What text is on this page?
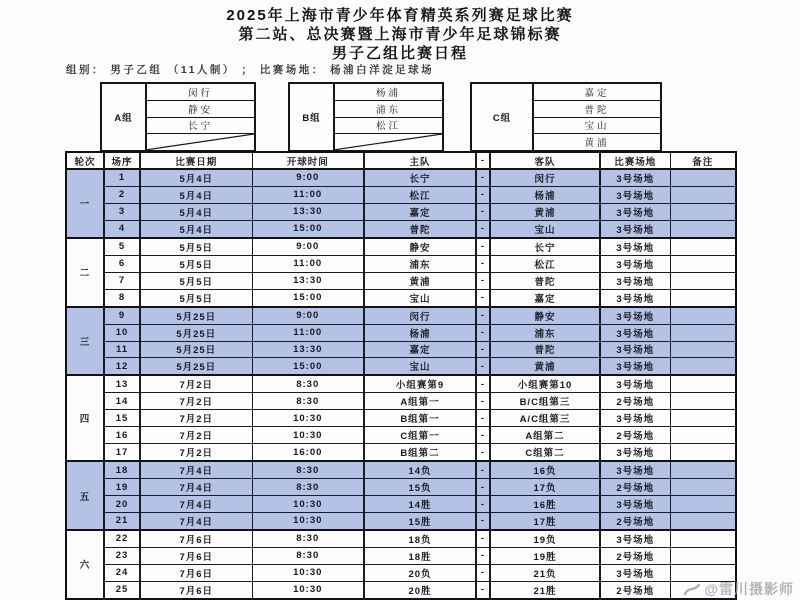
2025年上海市青少年体育精英系列赛足球比赛
第二站、总决赛暨上海市青少年足球锦标赛
男子乙组比赛日程
组别： 男子乙组 （11人制） ； 比赛场地： 杨浦白洋淀足球场
A组
闵行
静安
长宁
B组
杨浦
浦东
松江
C组
嘉定
普陀
宝山
黄浦
轮次	场序	比赛日期	开球时间	主队	-	客队	比赛场地	备注
一	1	5月4日	9:00	长宁	-	闵行	3号场地	
	2	5月4日	11:00	松江	-	杨浦	3号场地	
	3	5月4日	13:30	嘉定	-	黄浦	3号场地	
	4	5月4日	15:00	普陀	-	宝山	3号场地	
二	5	5月5日	9:00	静安	-	长宁	3号场地	
	6	5月5日	11:00	浦东	-	松江	3号场地	
	7	5月5日	13:30	黄浦	-	普陀	3号场地	
	8	5月5日	15:00	宝山	-	嘉定	3号场地	
三	9	5月25日	9:00	闵行	-	静安	3号场地	
	10	5月25日	11:00	杨浦	-	浦东	3号场地	
	11	5月25日	13:30	嘉定	-	普陀	3号场地	
	12	5月25日	15:00	宝山	-	黄浦	3号场地	
四	13	7月2日	8:30	小组赛第9	-	小组赛第10	3号场地	
	14	7月2日	8:30	A组第一	-	B/C组第三	2号场地	
	15	7月2日	10:30	B组第一	-	A/C组第三	3号场地	
	16	7月2日	10:30	C组第一	-	A组第二	2号场地	
	17	7月2日	16:00	B组第二	-	C组第二	3号场地	
五	18	7月4日	8:30	14负	-	16负	3号场地	
	19	7月4日	8:30	15负	-	17负	2号场地	
	20	7月4日	10:30	14胜	-	16胜	3号场地	
	21	7月4日	10:30	15胜	-	17胜	2号场地	
六	22	7月6日	8:30	18负	-	19负	3号场地	
	23	7月6日	8:30	18胜	-	19胜	2号场地	
	24	7月6日	10:30	20负	-	21负	3号场地	
	25	7月6日	10:30	20胜	-	21胜	2号场地		@雷川摄影师
